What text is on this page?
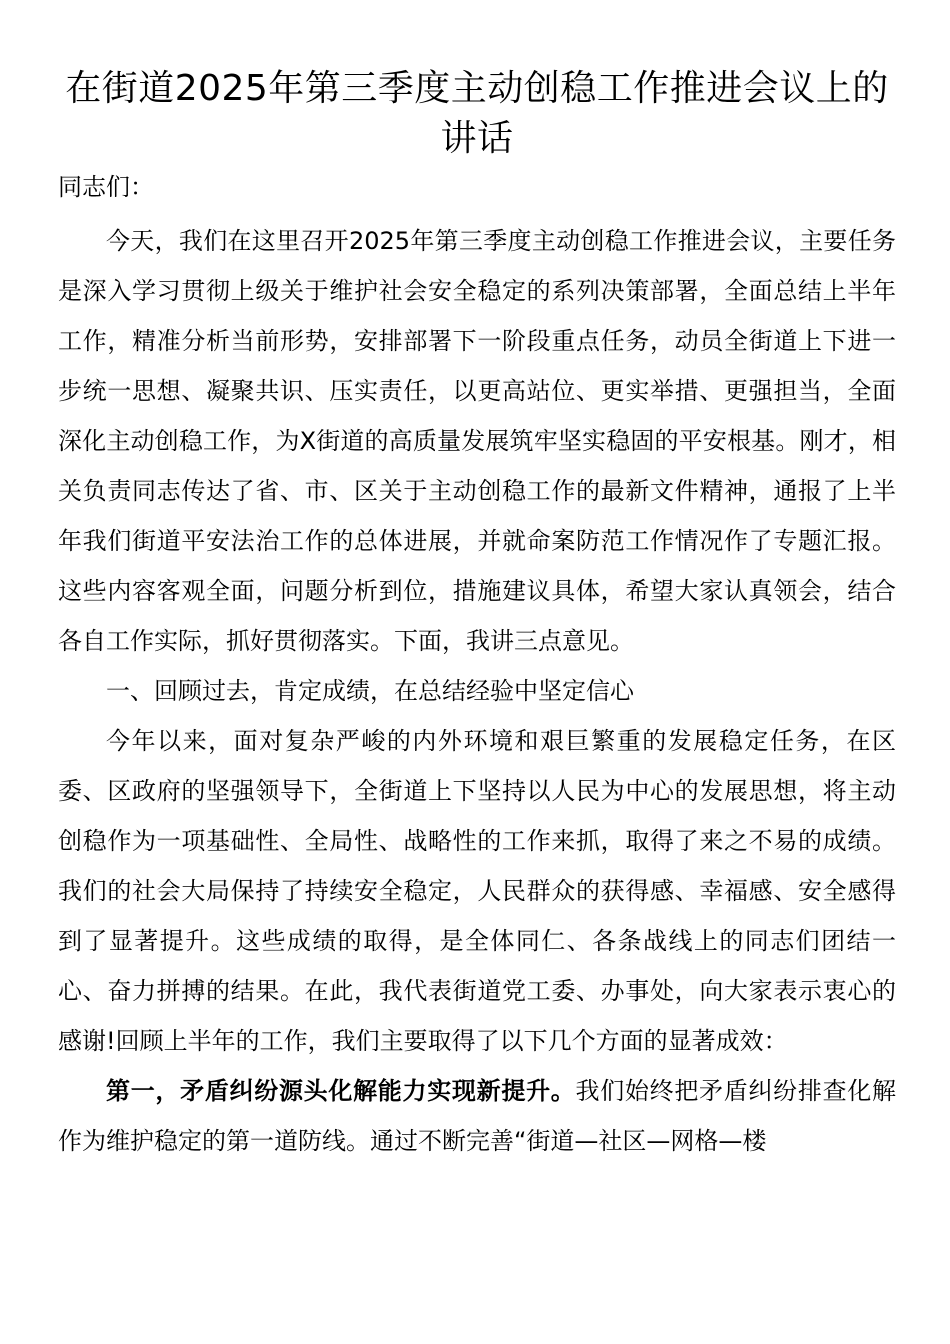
在街道2025年第三季度主动创稳工作推进会议上的讲话

同志们：

今天，我们在这里召开2025年第三季度主动创稳工作推进会议，主要任务是深入学习贯彻上级关于维护社会安全稳定的系列决策部署，全面总结上半年工作，精准分析当前形势，安排部署下一阶段重点任务，动员全街道上下进一步统一思想、凝聚共识、压实责任，以更高站位、更实举措、更强担当，全面深化主动创稳工作，为X街道的高质量发展筑牢坚实稳固的平安根基。刚才，相关负责同志传达了省、市、区关于主动创稳工作的最新文件精神，通报了上半年我们街道平安法治工作的总体进展，并就命案防范工作情况作了专题汇报。这些内容客观全面，问题分析到位，措施建议具体，希望大家认真领会，结合各自工作实际，抓好贯彻落实。下面，我讲三点意见。

一、回顾过去，肯定成绩，在总结经验中坚定信心

今年以来，面对复杂严峻的内外环境和艰巨繁重的发展稳定任务，在区委、区政府的坚强领导下，全街道上下坚持以人民为中心的发展思想，将主动创稳作为一项基础性、全局性、战略性的工作来抓，取得了来之不易的成绩。我们的社会大局保持了持续安全稳定，人民群众的获得感、幸福感、安全感得到了显著提升。这些成绩的取得，是全体同仁、各条战线上的同志们团结一心、奋力拼搏的结果。在此，我代表街道党工委、办事处，向大家表示衷心的感谢!回顾上半年的工作，我们主要取得了以下几个方面的显著成效：

第一，矛盾纠纷源头化解能力实现新提升。我们始终把矛盾纠纷排查化解作为维护稳定的第一道防线。通过不断完善“街道—社区—网格—楼
